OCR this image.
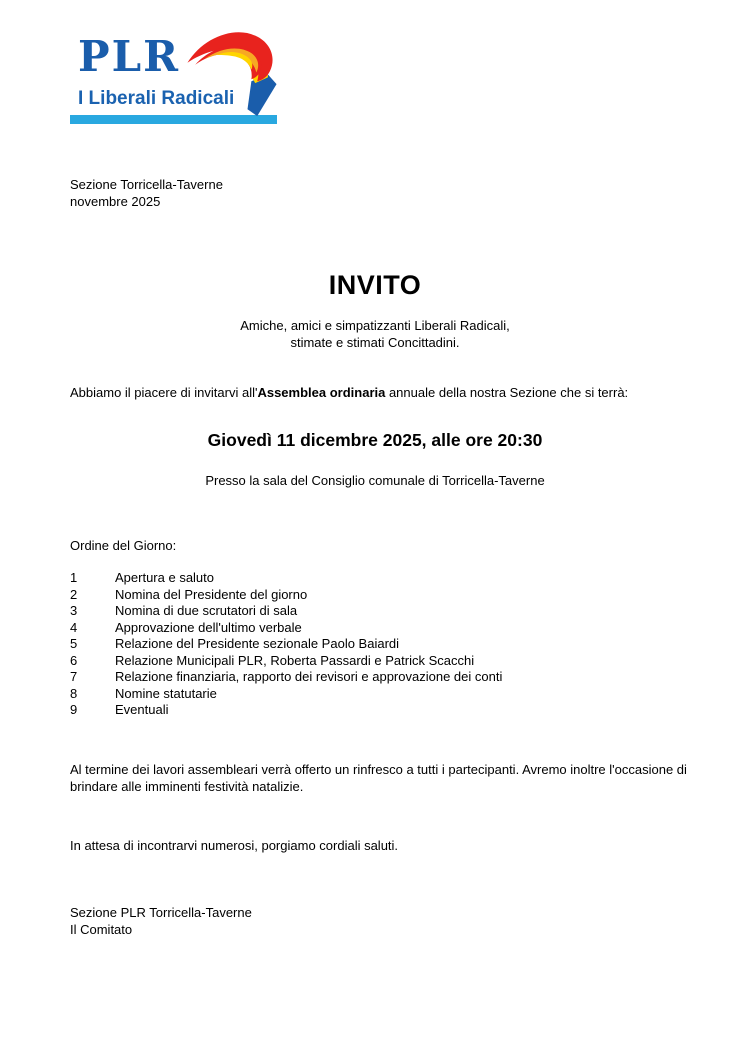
PLR
I Liberali Radicali
Sezione Torricella-Taverne
novembre 2025
INVITO
Amiche, amici e simpatizzanti Liberali Radicali,
stimate e stimati Concittadini.
Abbiamo il piacere di invitarvi all'Assemblea ordinaria annuale della nostra Sezione che si terrà:
Giovedì 11 dicembre 2025, alle ore 20:30
Presso la sala del Consiglio comunale di Torricella-Taverne
Ordine del Giorno:
1	Apertura e saluto
2	Nomina del Presidente del giorno
3	Nomina di due scrutatori di sala
4	Approvazione dell'ultimo verbale
5	Relazione del Presidente sezionale Paolo Baiardi
6	Relazione Municipali PLR, Roberta Passardi e Patrick Scacchi
7	Relazione finanziaria, rapporto dei revisori e approvazione dei conti
8	Nomine statutarie
9	Eventuali
Al termine dei lavori assembleari verrà offerto un rinfresco a tutti i partecipanti. Avremo inoltre l'occasione di brindare alle imminenti festività natalizie.
In attesa di incontrarvi numerosi, porgiamo cordiali saluti.
Sezione PLR Torricella-Taverne
Il Comitato
